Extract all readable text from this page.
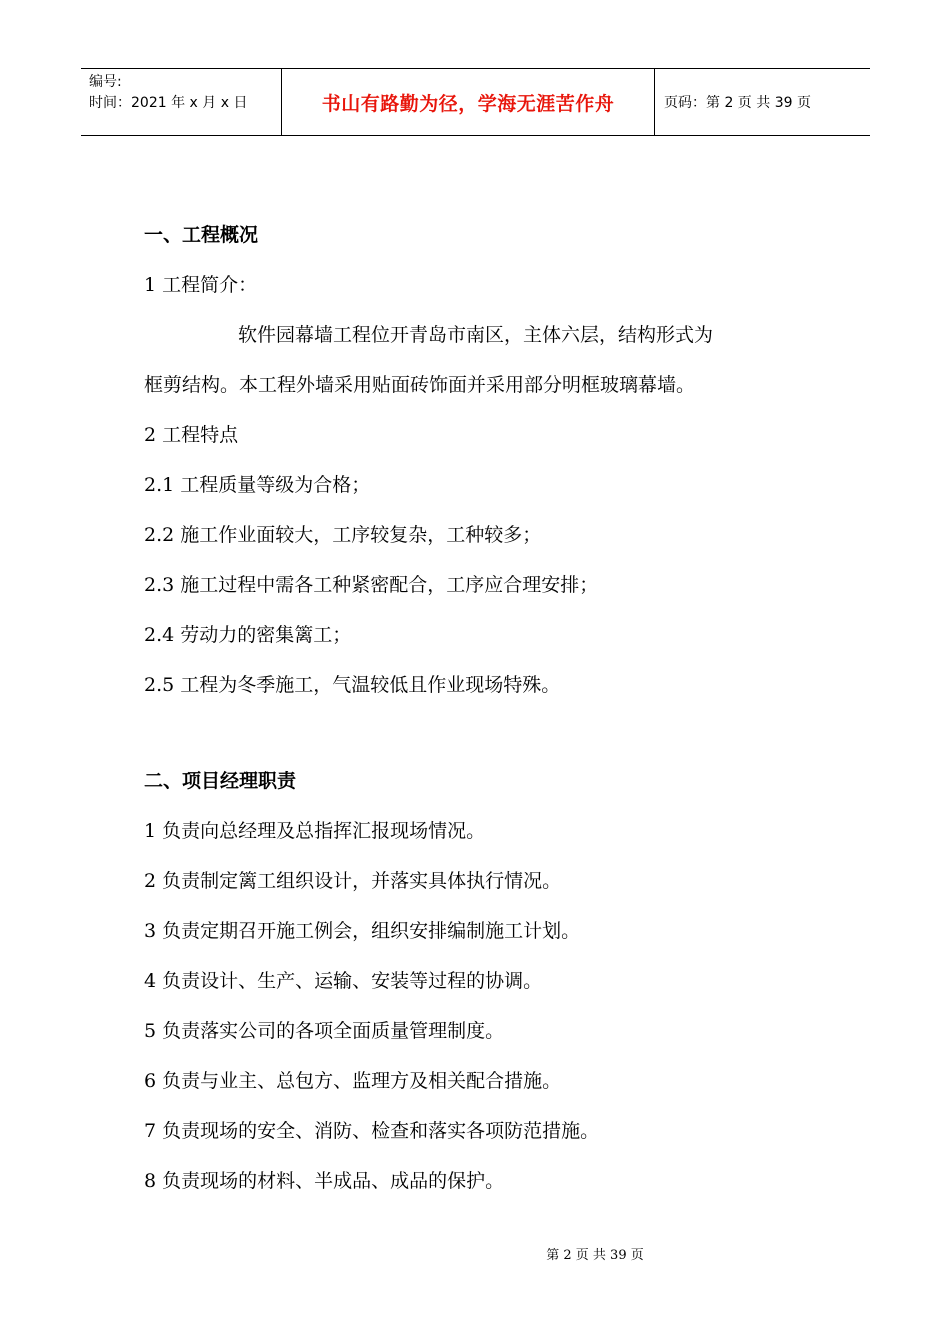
编号:
时间：2021 年 x 月 x 日	书山有路勤为径，学海无涯苦作舟	页码：第 2 页 共 39 页
一、工程概况
1 工程简介：
软件园幕墙工程位开青岛市南区，主体六层，结构形式为
框剪结构。本工程外墙采用贴面砖饰面并采用部分明框玻璃幕墙。
2 工程特点
2.1 工程质量等级为合格；
2.2 施工作业面较大，工序较复杂，工种较多；
2.3 施工过程中需各工种紧密配合，工序应合理安排；
2.4 劳动力的密集篱工；
2.5 工程为冬季施工，气温较低且作业现场特殊。
二、项目经理职责
1 负责向总经理及总指挥汇报现场情况。
2 负责制定篱工组织设计，并落实具体执行情况。
3 负责定期召开施工例会，组织安排编制施工计划。
4 负责设计、生产、运输、安装等过程的协调。
5 负责落实公司的各项全面质量管理制度。
6 负责与业主、总包方、监理方及相关配合措施。
7 负责现场的安全、消防、检查和落实各项防范措施。
8 负责现场的材料、半成品、成品的保护。
第 2 页 共 39 页
